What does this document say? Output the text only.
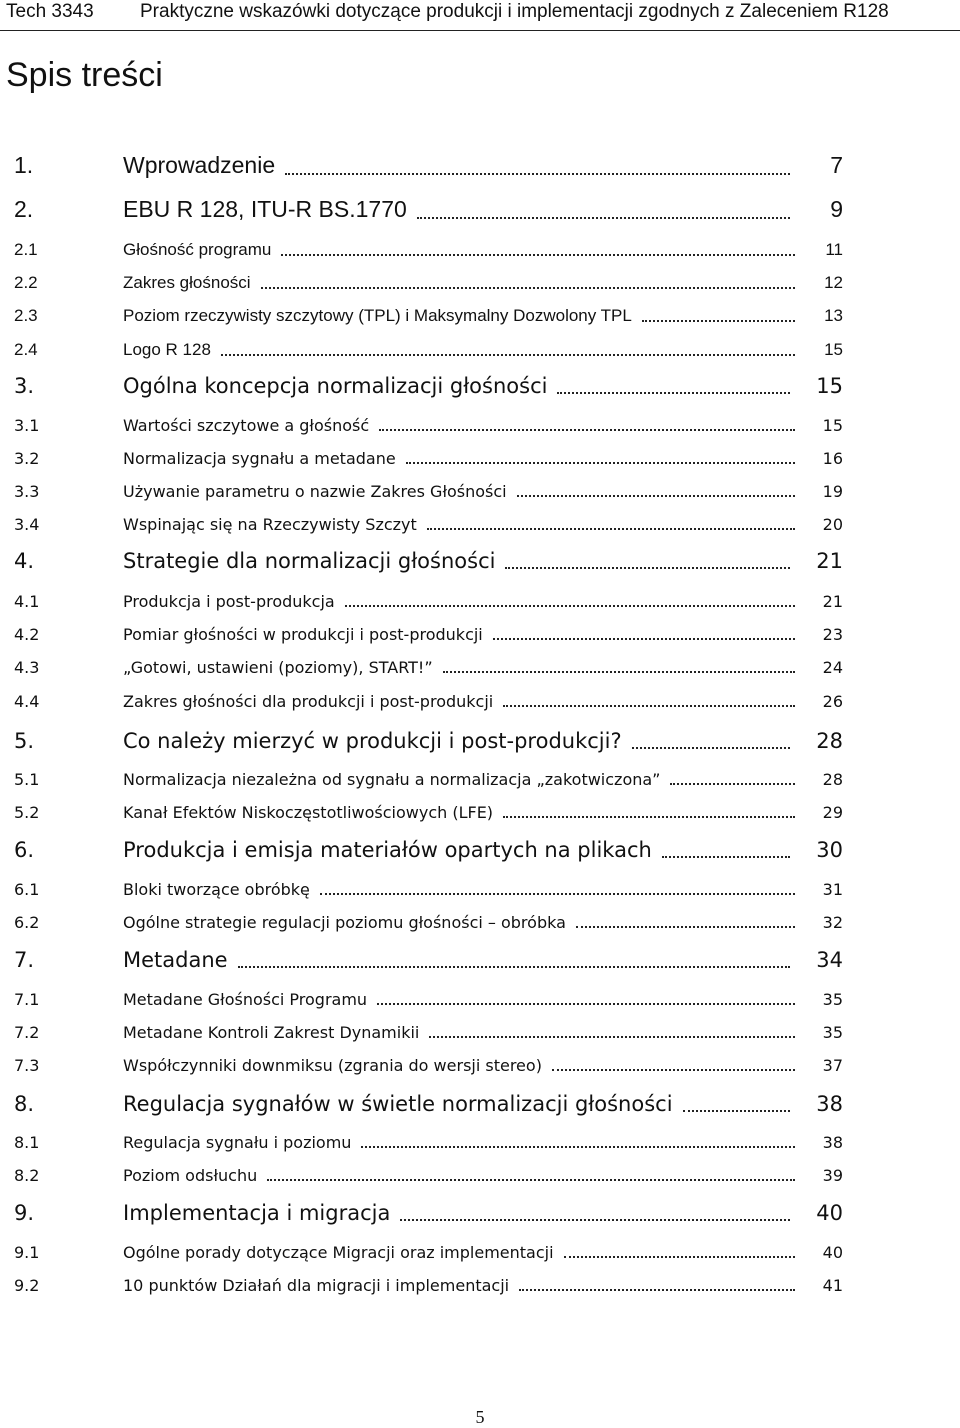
Tech 3343 Praktyczne wskazówki dotyczące produkcji i implementacji zgodnych z Zaleceniem R128
Spis treści
1.	Wprowadzenie	7
2.	EBU R 128, ITU-R BS.1770	9
2.1	Głośność programu	11
2.2	Zakres głośności	12
2.3	Poziom rzeczywisty szczytowy (TPL) i Maksymalny Dozwolony TPL	13
2.4	Logo R 128	15
3.	Ogólna koncepcja normalizacji głośności	15
3.1	Wartości szczytowe a głośność	15
3.2	Normalizacja sygnału a metadane	16
3.3	Używanie parametru o nazwie Zakres Głośności	19
3.4	Wspinając się na Rzeczywisty Szczyt	20
4.	Strategie dla normalizacji głośności	21
4.1	Produkcja i post-produkcja	21
4.2	Pomiar głośności w produkcji i post-produkcji	23
4.3	„Gotowi, ustawieni (poziomy), START!”	24
4.4	Zakres głośności dla produkcji i post-produkcji	26
5.	Co należy mierzyć w produkcji i post-produkcji?	28
5.1	Normalizacja niezależna od sygnału a normalizacja „zakotwiczona”	28
5.2	Kanał Efektów Niskoczęstotliwościowych (LFE)	29
6.	Produkcja i emisja materiałów opartych na plikach	30
6.1	Bloki tworzące obróbkę	31
6.2	Ogólne strategie regulacji poziomu głośności – obróbka	32
7.	Metadane	34
7.1	Metadane Głośności Programu	35
7.2	Metadane Kontroli Zakrest Dynamikii	35
7.3	Współczynniki downmiksu (zgrania do wersji stereo)	37
8.	Regulacja sygnałów w świetle normalizacji głośności	38
8.1	Regulacja sygnału i poziomu	38
8.2	Poziom odsłuchu	39
9.	Implementacja i migracja	40
9.1	Ogólne porady dotyczące Migracji oraz implementacji	40
9.2	10 punktów Działań dla migracji i implementacji	41
5
